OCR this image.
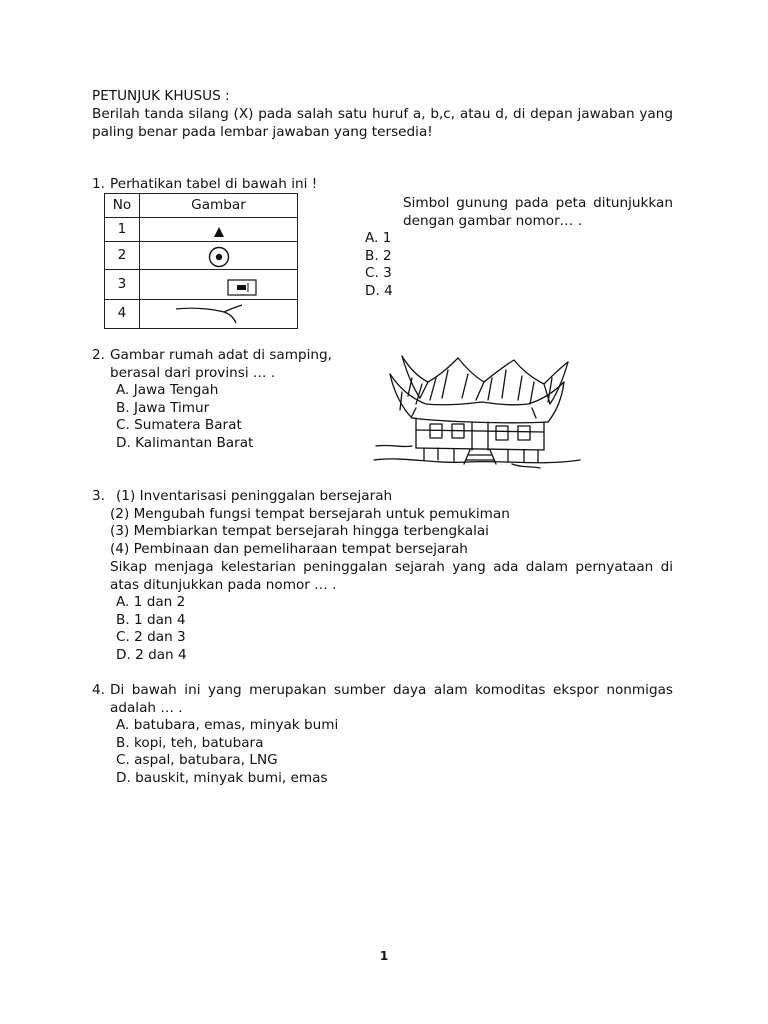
PETUNJUK KHUSUS :
Berilah tanda silang (X) pada salah satu huruf a, b,c, atau d, di depan jawaban yang
paling benar pada lembar jawaban yang tersedia!
1. Perhatikan tabel di bawah ini !
No	Gambar
1	

2	

3	

4	
Simbol gunung pada peta ditunjukkan
dengan gambar nomor… .
A. 1
B. 2
C. 3
D. 4
2. Gambar rumah adat di samping,
berasal dari provinsi … .
A. Jawa Tengah
B. Jawa Timur
C. Sumatera Barat
D. Kalimantan Barat
3. (1) Inventarisasi peninggalan bersejarah
(2) Mengubah fungsi tempat bersejarah untuk pemukiman
(3) Membiarkan tempat bersejarah hingga terbengkalai
(4) Pembinaan dan pemeliharaan tempat bersejarah
Sikap menjaga kelestarian peninggalan sejarah yang ada dalam pernyataan di
atas ditunjukkan pada nomor … .
A. 1 dan 2
B. 1 dan 4
C. 2 dan 3
D. 2 dan 4
4. Di bawah ini yang merupakan sumber daya alam komoditas ekspor nonmigas
adalah … .
A. batubara, emas, minyak bumi
B. kopi, teh, batubara
C. aspal, batubara, LNG
D. bauskit, minyak bumi, emas
1
